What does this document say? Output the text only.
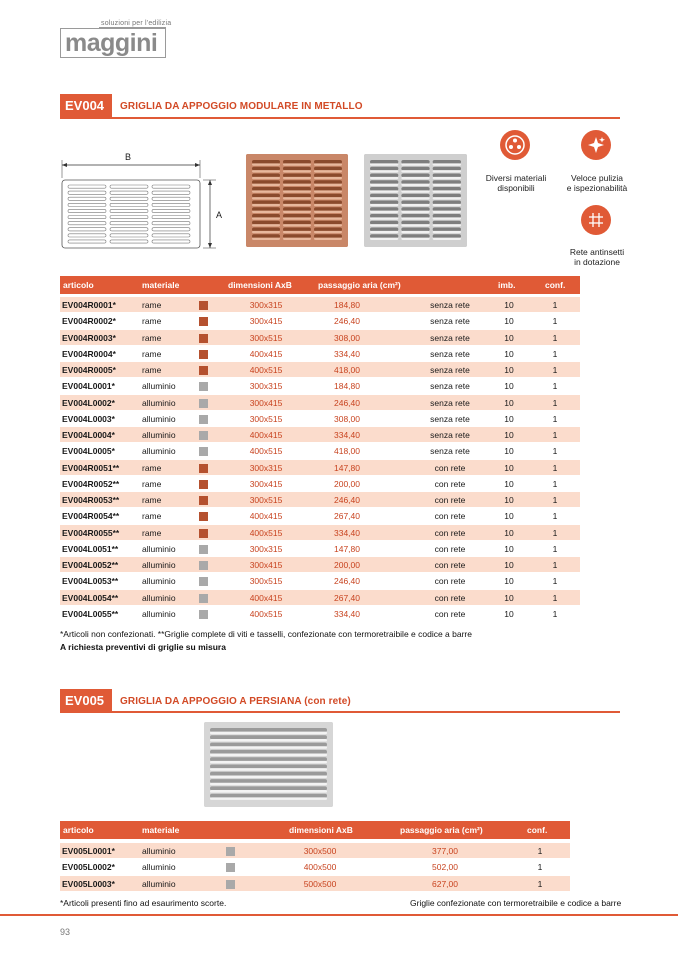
soluzioni per l'edilizia
maggini
EV004	GRIGLIA DA APPOGGIO MODULARE IN METALLO
B
A
Diversi materiali
disponibili
Veloce pulizia
e ispezionabilità
Rete antinsetti
in dotazione
articolo	materiale	dimensioni AxB	passaggio aria (cm²)	imb.	conf.
EV004R0001*	rame	300x315	184,80	senza rete	10	1
EV004R0002*	rame	300x415	246,40	senza rete	10	1
EV004R0003*	rame	300x515	308,00	senza rete	10	1
EV004R0004*	rame	400x415	334,40	senza rete	10	1
EV004R0005*	rame	400x515	418,00	senza rete	10	1
EV004L0001*	alluminio	300x315	184,80	senza rete	10	1
EV004L0002*	alluminio	300x415	246,40	senza rete	10	1
EV004L0003*	alluminio	300x515	308,00	senza rete	10	1
EV004L0004*	alluminio	400x415	334,40	senza rete	10	1
EV004L0005*	alluminio	400x515	418,00	senza rete	10	1
EV004R0051**	rame	300x315	147,80	con rete	10	1
EV004R0052**	rame	300x415	200,00	con rete	10	1
EV004R0053**	rame	300x515	246,40	con rete	10	1
EV004R0054**	rame	400x415	267,40	con rete	10	1
EV004R0055**	rame	400x515	334,40	con rete	10	1
EV004L0051**	alluminio	300x315	147,80	con rete	10	1
EV004L0052**	alluminio	300x415	200,00	con rete	10	1
EV004L0053**	alluminio	300x515	246,40	con rete	10	1
EV004L0054**	alluminio	400x415	267,40	con rete	10	1
EV004L0055**	alluminio	400x515	334,40	con rete	10	1
*Articoli non confezionati. **Griglie complete di viti e tasselli, confezionate con termoretraibile e codice a barre
A richiesta preventivi di griglie su misura
EV005	GRIGLIA DA APPOGGIO A PERSIANA (con rete)
articolo	materiale	dimensioni AxB	passaggio aria (cm²)	conf.
EV005L0001*	alluminio	300x500	377,00	1
EV005L0002*	alluminio	400x500	502,00	1
EV005L0003*	alluminio	500x500	627,00	1
*Articoli presenti fino ad esaurimento scorte.	Griglie confezionate con termoretraibile e codice a barre
93
